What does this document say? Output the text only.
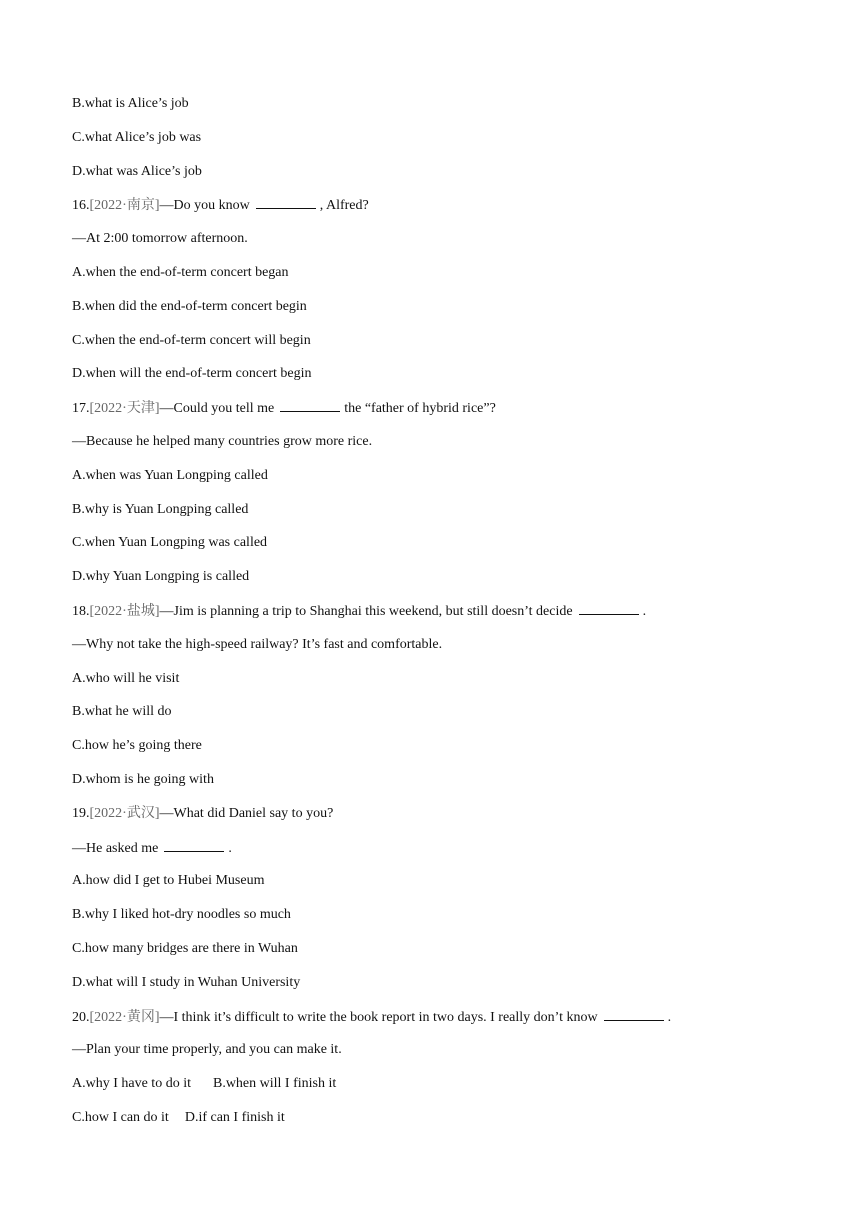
B.what is Alice’s job
C.what Alice’s job was
D.what was Alice’s job
16.[2022·南京]—Do you know	, Alfred?
—At 2:00 tomorrow afternoon.
A.when the end-of-term concert began
B.when did the end-of-term concert begin
C.when the end-of-term concert will begin
D.when will the end-of-term concert begin
17.[2022·天津]—Could you tell me	the “father of hybrid rice”?
—Because he helped many countries grow more rice.
A.when was Yuan Longping called
B.why is Yuan Longping called
C.when Yuan Longping was called
D.why Yuan Longping is called
18.[2022·盐城]—Jim is planning a trip to Shanghai this weekend, but still doesn’t decide	.
—Why not take the high-speed railway? It’s fast and comfortable.
A.who will he visit
B.what he will do
C.how he’s going there
D.whom is he going with
19.[2022·武汉]—What did Daniel say to you?
—He asked me	.
A.how did I get to Hubei Museum
B.why I liked hot-dry noodles so much
C.how many bridges are there in Wuhan
D.what will I study in Wuhan University
20.[2022·黄冈]—I think it’s difficult to write the book report in two days. I really don’t know	.
—Plan your time properly, and you can make it.
A.why I have to do it B.when will I finish it
C.how I can do it D.if can I finish it
